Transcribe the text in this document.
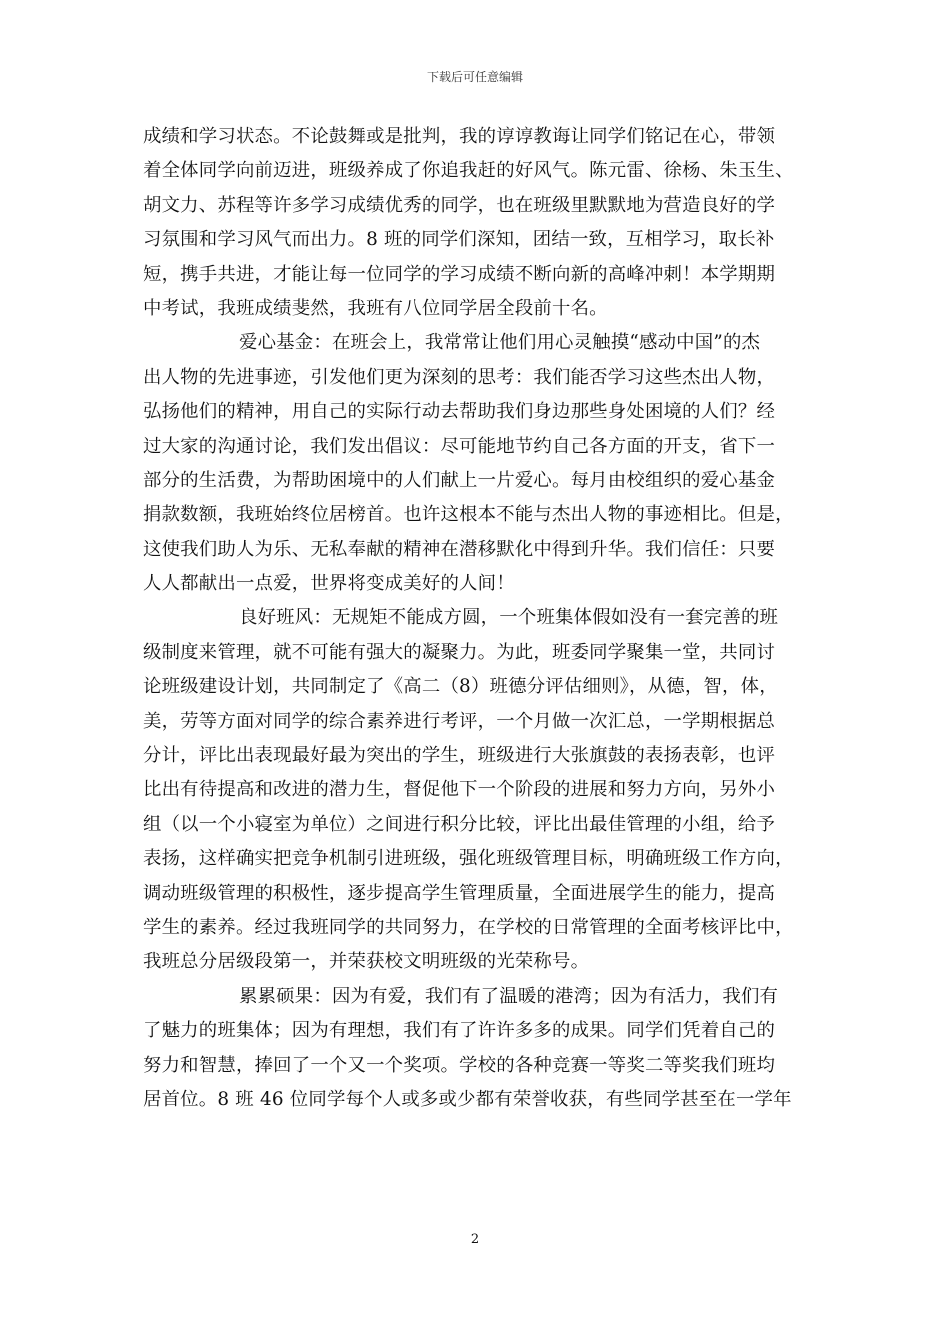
下载后可任意编辑
成绩和学习状态。不论鼓舞或是批判，我的谆谆教诲让同学们铭记在心，带领
着全体同学向前迈进，班级养成了你追我赶的好风气。陈元雷、徐杨、朱玉生、
胡文力、苏程等许多学习成绩优秀的同学，也在班级里默默地为营造良好的学
习氛围和学习风气而出力。8 班的同学们深知，团结一致，互相学习，取长补
短，携手共进，才能让每一位同学的学习成绩不断向新的高峰冲刺！本学期期
中考试，我班成绩斐然，我班有八位同学居全段前十名。
爱心基金：在班会上，我常常让他们用心灵触摸“感动中国”的杰
出人物的先进事迹，引发他们更为深刻的思考：我们能否学习这些杰出人物，
弘扬他们的精神，用自己的实际行动去帮助我们身边那些身处困境的人们？经
过大家的沟通讨论，我们发出倡议：尽可能地节约自己各方面的开支，省下一
部分的生活费，为帮助困境中的人们献上一片爱心。每月由校组织的爱心基金
捐款数额，我班始终位居榜首。也许这根本不能与杰出人物的事迹相比。但是，
这使我们助人为乐、无私奉献的精神在潜移默化中得到升华。我们信任：只要
人人都献出一点爱，世界将变成美好的人间！
良好班风：无规矩不能成方圆，一个班集体假如没有一套完善的班
级制度来管理，就不可能有强大的凝聚力。为此，班委同学聚集一堂，共同讨
论班级建设计划，共同制定了《高二（8）班德分评估细则》，从德，智，体，
美，劳等方面对同学的综合素养进行考评，一个月做一次汇总，一学期根据总
分计，评比出表现最好最为突出的学生，班级进行大张旗鼓的表扬表彰，也评
比出有待提高和改进的潜力生，督促他下一个阶段的进展和努力方向，另外小
组（以一个小寝室为单位）之间进行积分比较，评比出最佳管理的小组，给予
表扬，这样确实把竞争机制引进班级，强化班级管理目标，明确班级工作方向，
调动班级管理的积极性，逐步提高学生管理质量，全面进展学生的能力，提高
学生的素养。经过我班同学的共同努力，在学校的日常管理的全面考核评比中，
我班总分居级段第一，并荣获校文明班级的光荣称号。
累累硕果：因为有爱，我们有了温暖的港湾；因为有活力，我们有
了魅力的班集体；因为有理想，我们有了许许多多的成果。同学们凭着自己的
努力和智慧，捧回了一个又一个奖项。学校的各种竞赛一等奖二等奖我们班均
居首位。8 班 46 位同学每个人或多或少都有荣誉收获，有些同学甚至在一学年
2
